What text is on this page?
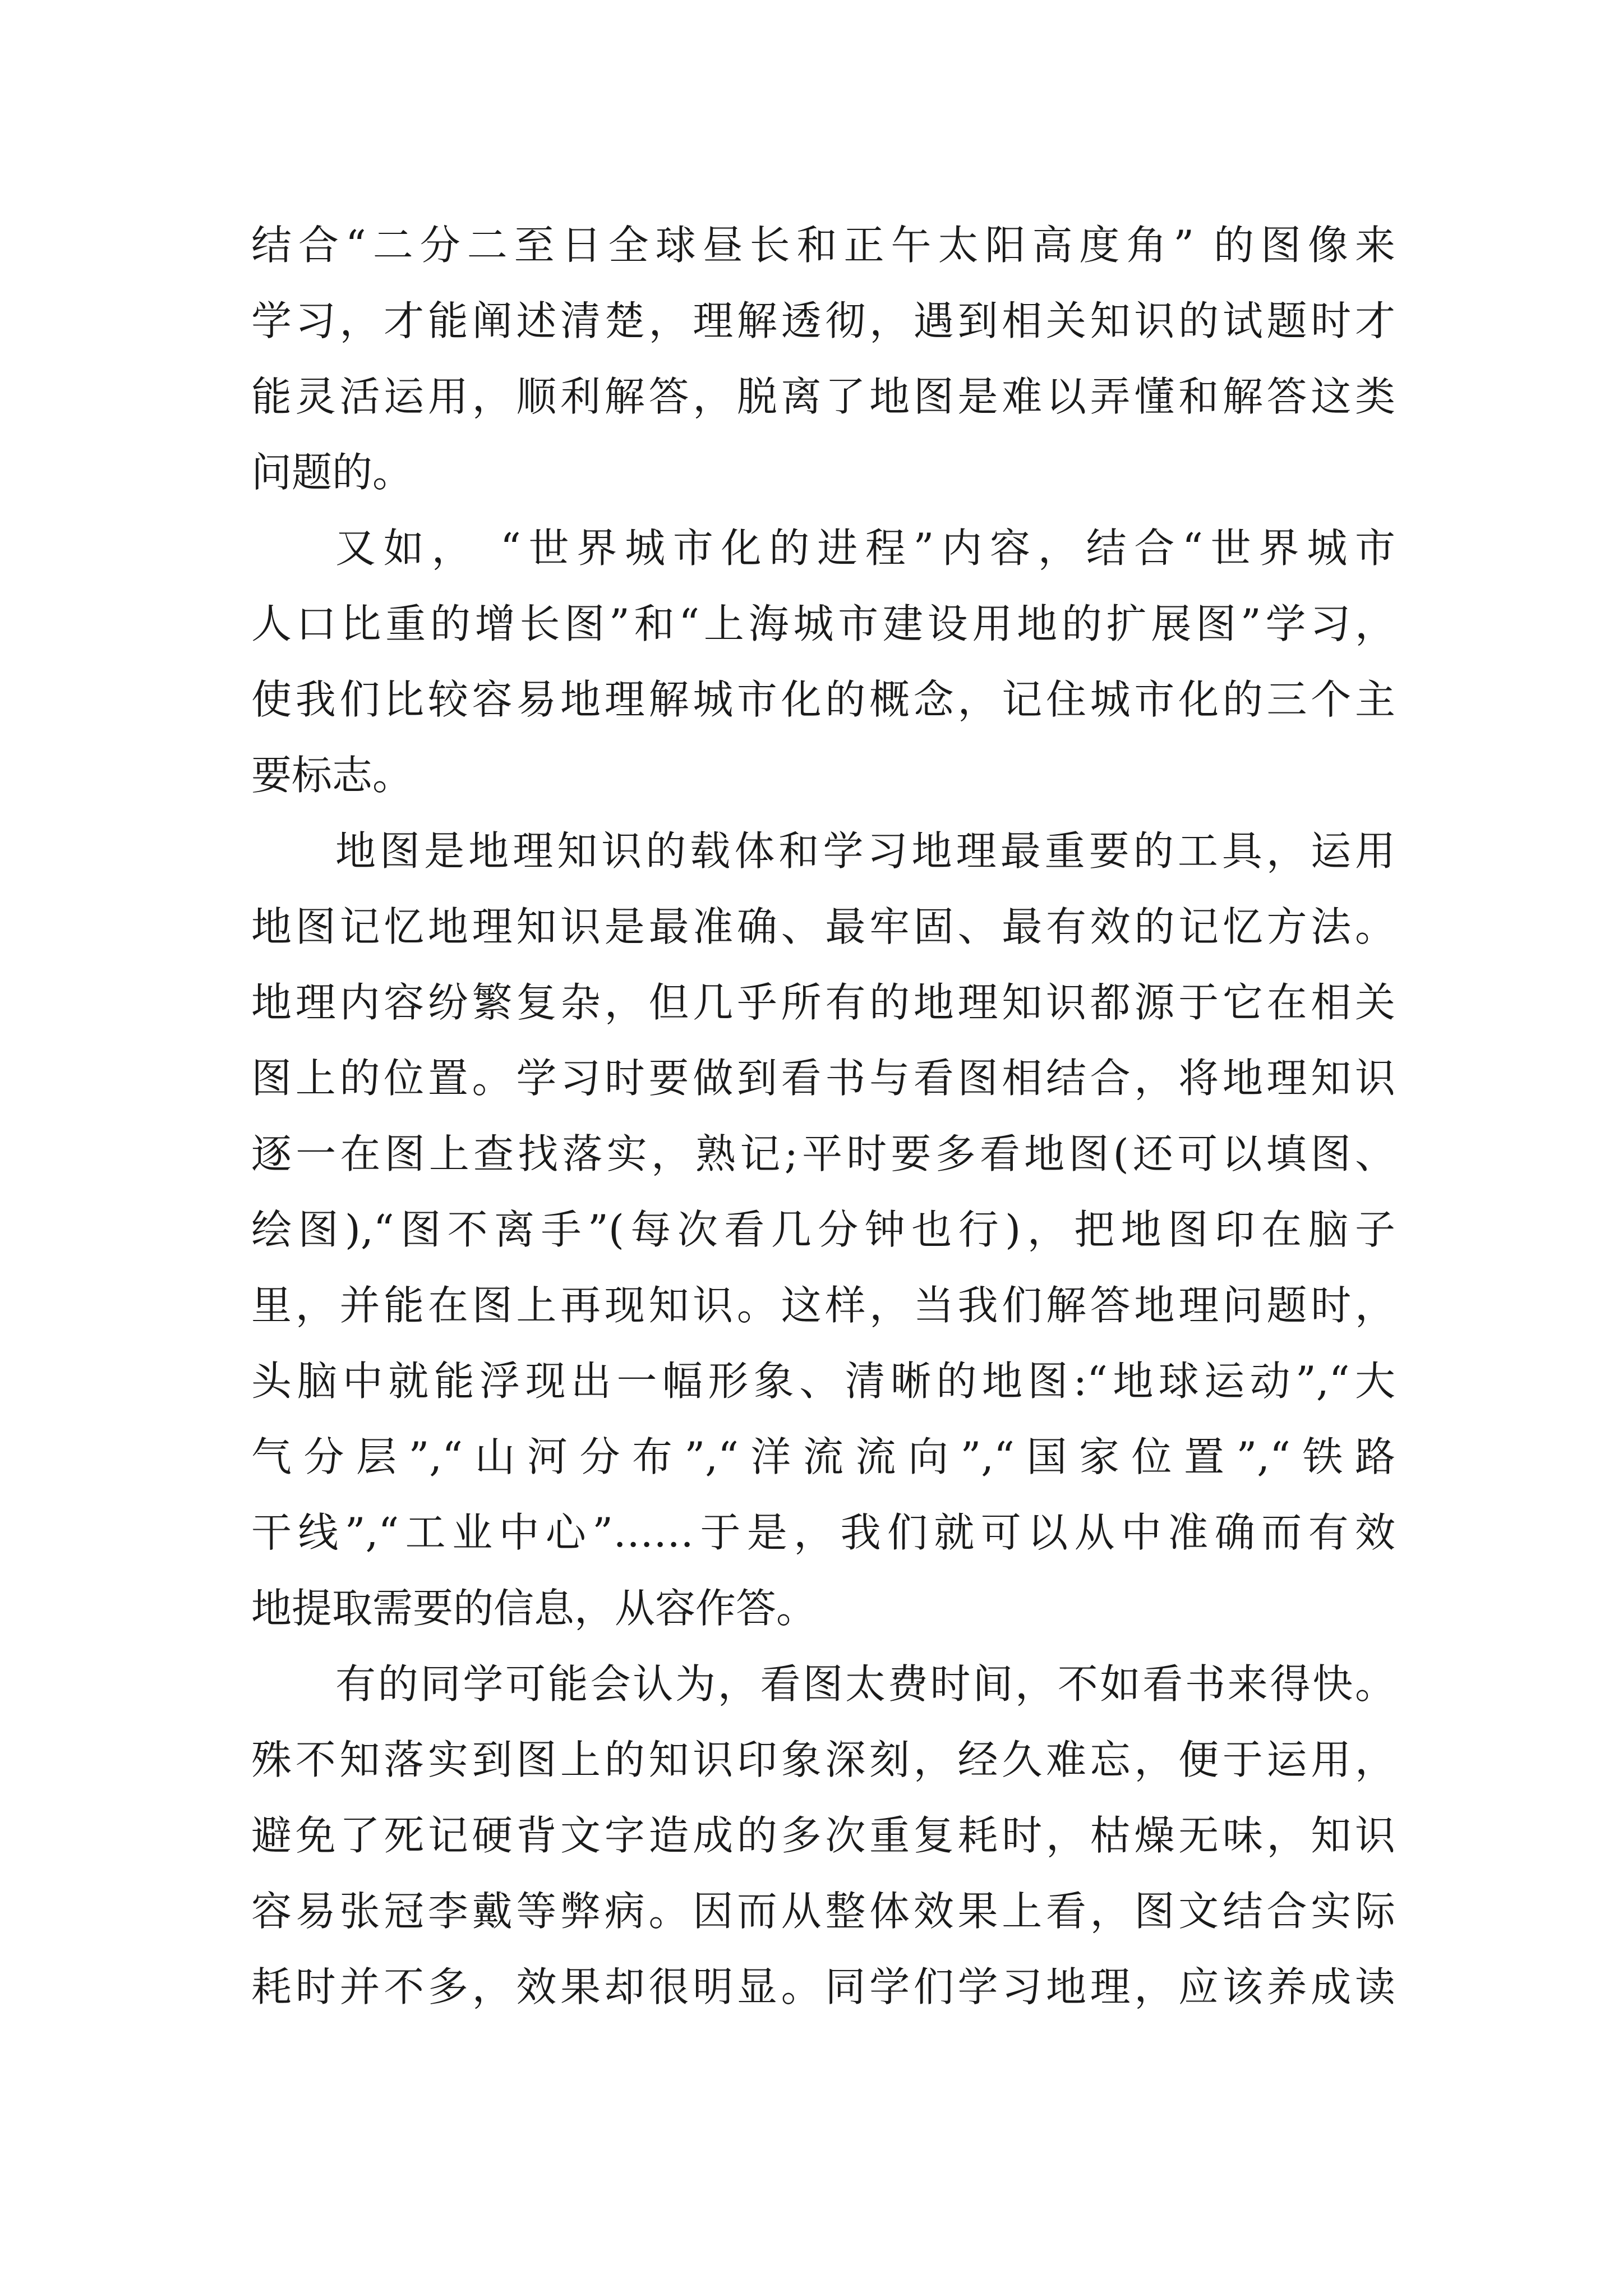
结合“二分二至日全球昼长和正午太阳高度角” 的图像来
学习，才能阐述清楚，理解透彻，遇到相关知识的试题时才
能灵活运用，顺利解答，脱离了地图是难以弄懂和解答这类
问题的。
又如， “世界城市化的进程”内容，结合“世界城市
人口比重的增长图”和“上海城市建设用地的扩展图”学习，
使我们比较容易地理解城市化的概念，记住城市化的三个主
要标志。
地图是地理知识的载体和学习地理最重要的工具，运用
地图记忆地理知识是最准确、最牢固、最有效的记忆方法。
地理内容纷繁复杂，但几乎所有的地理知识都源于它在相关
图上的位置。学习时要做到看书与看图相结合，将地理知识
逐一在图上查找落实，熟记;平时要多看地图(还可以填图、
绘图),“图不离手”(每次看几分钟也行)，把地图印在脑子
里，并能在图上再现知识。这样，当我们解答地理问题时，
头脑中就能浮现出一幅形象、清晰的地图:“地球运动”,“大
气分层”,“山河分布”,“洋流流向”,“国家位置”,“铁路
干线”,“工业中心”……于是，我们就可以从中准确而有效
地提取需要的信息，从容作答。
有的同学可能会认为，看图太费时间，不如看书来得快。
殊不知落实到图上的知识印象深刻，经久难忘，便于运用，
避免了死记硬背文字造成的多次重复耗时，枯燥无味，知识
容易张冠李戴等弊病。因而从整体效果上看，图文结合实际
耗时并不多，效果却很明显。同学们学习地理，应该养成读
